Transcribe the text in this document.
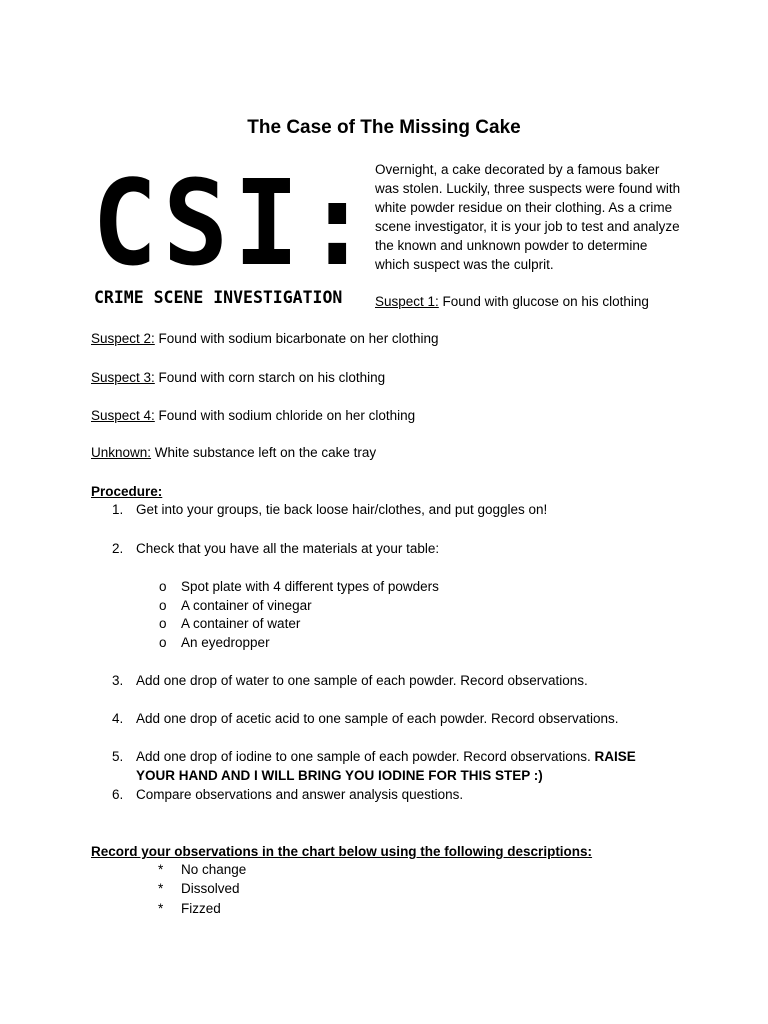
The Case of The Missing Cake
CSI:
CRIME SCENE INVESTIGATION
Overnight, a cake decorated by a famous baker was stolen. Luckily, three suspects were found with white powder residue on their clothing. As a crime scene investigator, it is your job to test and analyze the known and unknown powder to determine which suspect was the culprit.
Suspect 1: Found with glucose on his clothing
Suspect 2: Found with sodium bicarbonate on her clothing
Suspect 3: Found with corn starch on his clothing
Suspect 4: Found with sodium chloride on her clothing
Unknown: White substance left on the cake tray
Procedure:
1. Get into your groups, tie back loose hair/clothes, and put goggles on!
2. Check that you have all the materials at your table:
o Spot plate with 4 different types of powders
o A container of vinegar
o A container of water
o An eyedropper
3. Add one drop of water to one sample of each powder. Record observations.
4. Add one drop of acetic acid to one sample of each powder. Record observations.
5. Add one drop of iodine to one sample of each powder. Record observations. RAISE
YOUR HAND AND I WILL BRING YOU IODINE FOR THIS STEP :)
6. Compare observations and answer analysis questions.
Record your observations in the chart below using the following descriptions:
* No change
* Dissolved
* Fizzed
